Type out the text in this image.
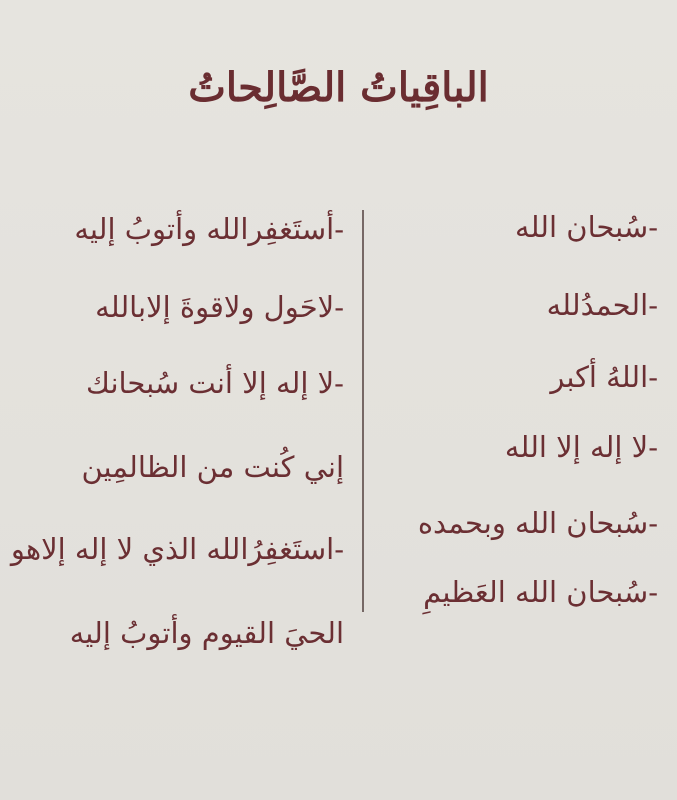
الباقِياتُ الصَّالِحاتُ
-سُبحان الله
-الحمدُلله
-اللهُ أكبر
-لا إله إلا الله
-سُبحان الله وبحمده
-سُبحان الله العَظيمِ
-أستَغفِرالله وأتوبُ إليه
-لاحَول ولاقوةَ إلابالله
-لا إله إلا أنت سُبحانك
إني كُنت من الظالمِين
-استَغفِرُالله الذي لا إله إلاهو
الحيَ القيوم وأتوبُ إليه
